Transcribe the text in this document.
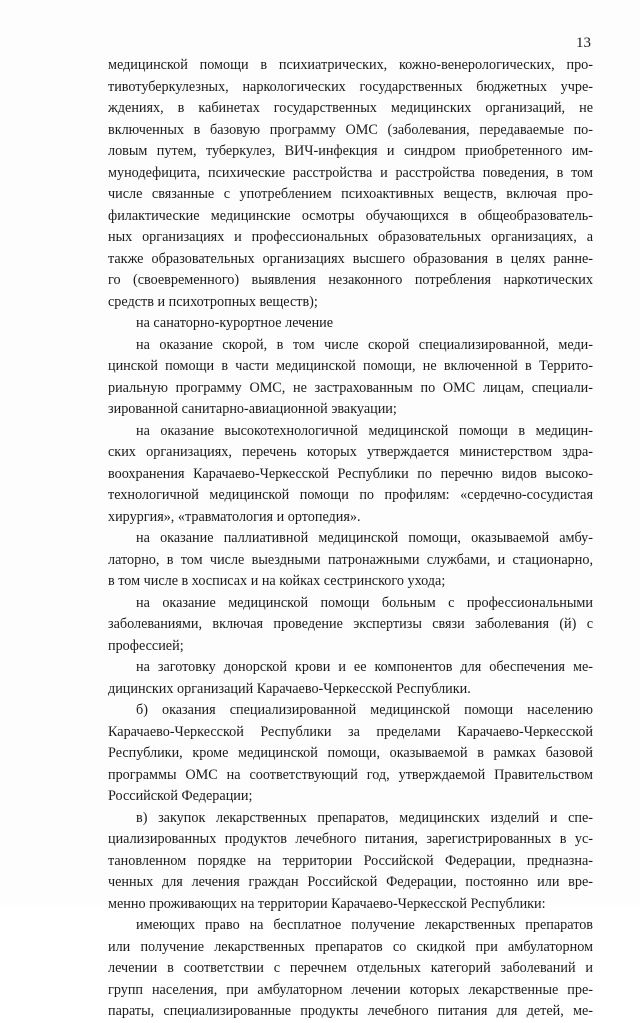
13
медицинской помощи в психиатрических, кожно-венерологических, про-
тивотуберкулезных, наркологических государственных бюджетных учре-
ждениях, в кабинетах государственных медицинских организаций, не
включенных в базовую программу ОМС (заболевания, передаваемые по-
ловым путем, туберкулез, ВИЧ-инфекция и синдром приобретенного им-
мунодефицита, психические расстройства и расстройства поведения, в том
числе связанные с употреблением психоактивных веществ, включая про-
филактические медицинские осмотры обучающихся в общеобразователь-
ных организациях и профессиональных образовательных организациях, а
также образовательных организациях высшего образования в целях ранне-
го (своевременного) выявления незаконного потребления наркотических
средств и психотропных веществ);
на санаторно-курортное лечение
на оказание скорой, в том числе скорой специализированной, меди-
цинской помощи в части медицинской помощи, не включенной в Террито-
риальную программу ОМС, не застрахованным по ОМС лицам, специали-
зированной санитарно-авиационной эвакуации;
на оказание высокотехнологичной медицинской помощи в медицин-
ских организациях, перечень которых утверждается министерством здра-
воохранения Карачаево-Черкесской Республики по перечню видов высоко-
технологичной медицинской помощи по профилям: «сердечно-сосудистая
хирургия», «травматология и ортопедия».
на оказание паллиативной медицинской помощи, оказываемой амбу-
латорно, в том числе выездными патронажными службами, и стационарно,
в том числе в хосписах и на койках сестринского ухода;
на оказание медицинской помощи больным с профессиональными
заболеваниями, включая проведение экспертизы связи заболевания (й) с
профессией;
на заготовку донорской крови и ее компонентов для обеспечения ме-
дицинских организаций Карачаево-Черкесской Республики.
б) оказания специализированной медицинской помощи населению
Карачаево-Черкесской Республики за пределами Карачаево-Черкесской
Республики, кроме медицинской помощи, оказываемой в рамках базовой
программы ОМС на соответствующий год, утверждаемой Правительством
Российской Федерации;
в) закупок лекарственных препаратов, медицинских изделий и спе-
циализированных продуктов лечебного питания, зарегистрированных в ус-
тановленном порядке на территории Российской Федерации, предназна-
ченных для лечения граждан Российской Федерации, постоянно или вре-
менно проживающих на территории Карачаево-Черкесской Республики:
имеющих право на бесплатное получение лекарственных препаратов
или получение лекарственных препаратов со скидкой при амбулаторном
лечении в соответствии с перечнем отдельных категорий заболеваний и
групп населения, при амбулаторном лечении которых лекарственные пре-
параты, специализированные продукты лечебного питания для детей, ме-
